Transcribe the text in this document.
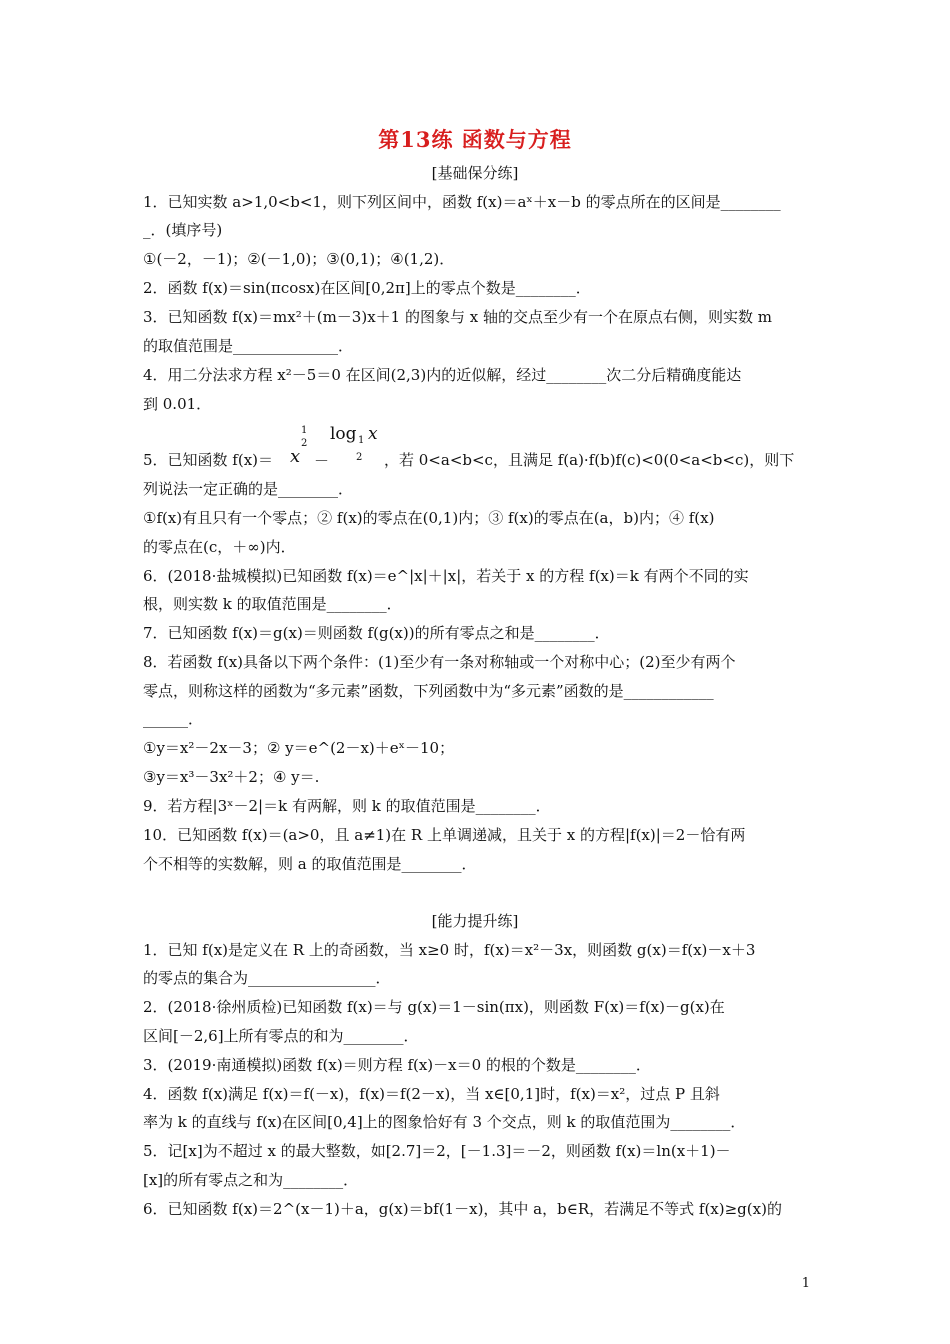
第13练 函数与方程
[基础保分练]
1．已知实数 a>1,0<b<1，则下列区间中，函数 f(x)＝aˣ＋x－b 的零点所在的区间是________
_．(填序号)
①(－2，－1)；②(－1,0)；③(0,1)；④(1,2)．
2．函数 f(x)＝sin(πcosx)在区间[0,2π]上的零点个数是________．
3．已知函数 f(x)＝mx²＋(m－3)x＋1 的图象与 x 轴的交点至少有一个在原点右侧，则实数 m
的取值范围是______________．
4．用二分法求方程 x²－5＝0 在区间(2,3)内的近似解，经过________次二分后精确度能达
到 0.01．
5．已知函数 f(x)＝ x
1
2
－
log 1
2
x
，若 0<a<b<c，且满足 f(a)·f(b)f(c)<0(0<a<b<c)，则下
列说法一定正确的是________．
①f(x)有且只有一个零点；② f(x)的零点在(0,1)内；③ f(x)的零点在(a，b)内；④ f(x)
的零点在(c，＋∞)内．
6．(2018·盐城模拟)已知函数 f(x)＝e^|x|＋|x|，若关于 x 的方程 f(x)＝k 有两个不同的实
根，则实数 k 的取值范围是________．
7．已知函数 f(x)＝g(x)＝则函数 f(g(x))的所有零点之和是________．
8．若函数 f(x)具备以下两个条件：(1)至少有一条对称轴或一个对称中心；(2)至少有两个
零点，则称这样的函数为“多元素”函数，下列函数中为“多元素”函数的是____________
______．
①y＝x²－2x－3；② y＝e^(2－x)＋eˣ－10；
③y＝x³－3x²＋2；④ y＝.
9．若方程|3ˣ－2|＝k 有两解，则 k 的取值范围是________．
10．已知函数 f(x)＝(a>0，且 a≠1)在 R 上单调递减，且关于 x 的方程|f(x)|＝2－恰有两
个不相等的实数解，则 a 的取值范围是________．
[能力提升练]
1．已知 f(x)是定义在 R 上的奇函数，当 x≥0 时，f(x)＝x²－3x，则函数 g(x)＝f(x)－x＋3
的零点的集合为_________________．
2．(2018·徐州质检)已知函数 f(x)＝与 g(x)＝1－sin(πx)，则函数 F(x)＝f(x)－g(x)在
区间[－2,6]上所有零点的和为________．
3．(2019·南通模拟)函数 f(x)＝则方程 f(x)－x＝0 的根的个数是________．
4．函数 f(x)满足 f(x)＝f(－x)，f(x)＝f(2－x)，当 x∈[0,1]时，f(x)＝x²，过点 P 且斜
率为 k 的直线与 f(x)在区间[0,4]上的图象恰好有 3 个交点，则 k 的取值范围为________．
5．记[x]为不超过 x 的最大整数，如[2.7]＝2，[－1.3]＝－2，则函数 f(x)＝ln(x＋1)－
[x]的所有零点之和为________．
6．已知函数 f(x)＝2^(x－1)＋a，g(x)＝bf(1－x)，其中 a，b∈R，若满足不等式 f(x)≥g(x)的
1
